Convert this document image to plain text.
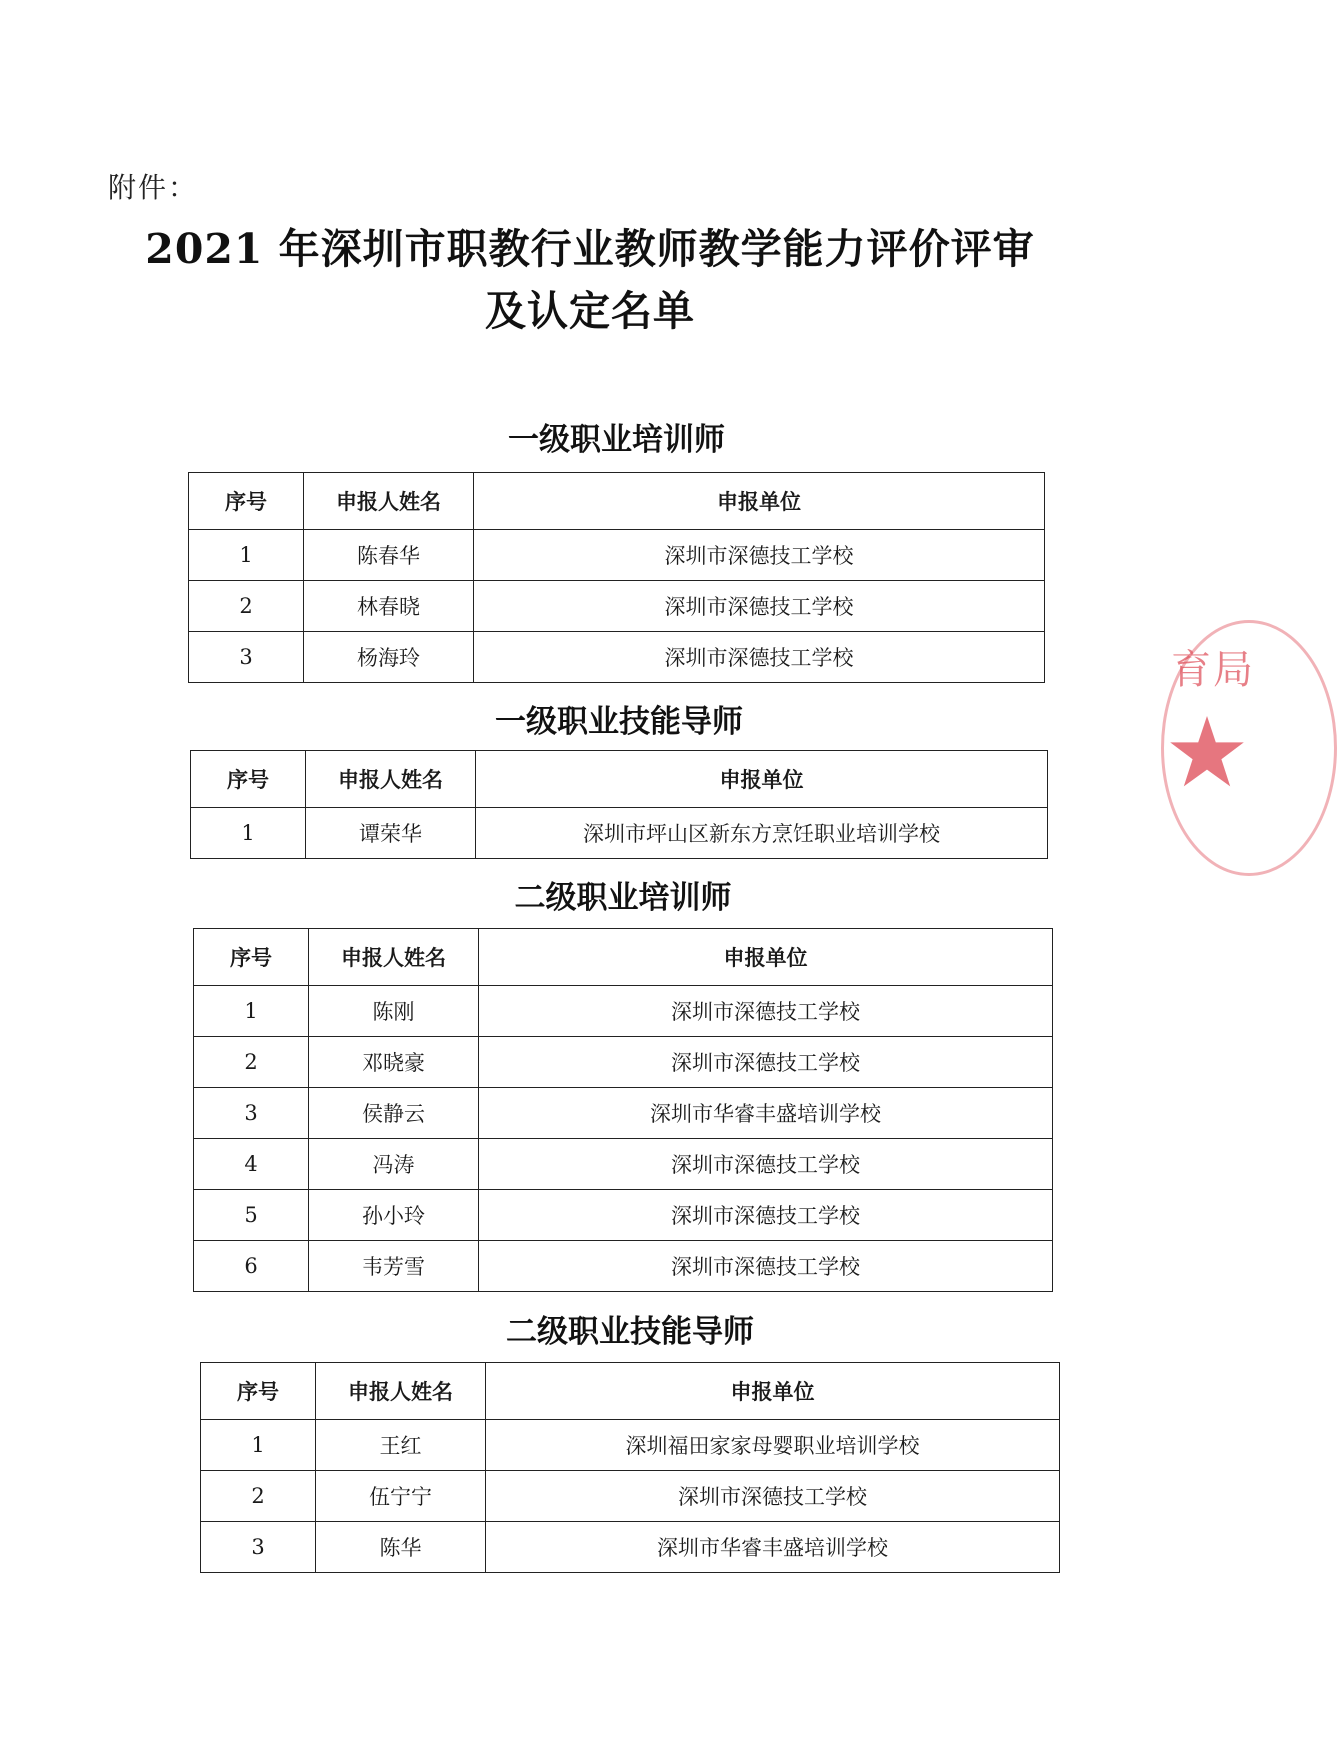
附件：
2021 年深圳市职教行业教师教学能力评价评审
及认定名单
一级职业培训师
序号	申报人姓名	申报单位
1	陈春华	深圳市深德技工学校
2	林春晓	深圳市深德技工学校
3	杨海玲	深圳市深德技工学校
一级职业技能导师
序号	申报人姓名	申报单位
1	谭荣华	深圳市坪山区新东方烹饪职业培训学校
二级职业培训师
序号	申报人姓名	申报单位
1	陈刚	深圳市深德技工学校
2	邓晓豪	深圳市深德技工学校
3	侯静云	深圳市华睿丰盛培训学校
4	冯涛	深圳市深德技工学校
5	孙小玲	深圳市深德技工学校
6	韦芳雪	深圳市深德技工学校
二级职业技能导师
序号	申报人姓名	申报单位
1	王红	深圳福田家家母婴职业培训学校
2	伍宁宁	深圳市深德技工学校
3	陈华	深圳市华睿丰盛培训学校
育局
